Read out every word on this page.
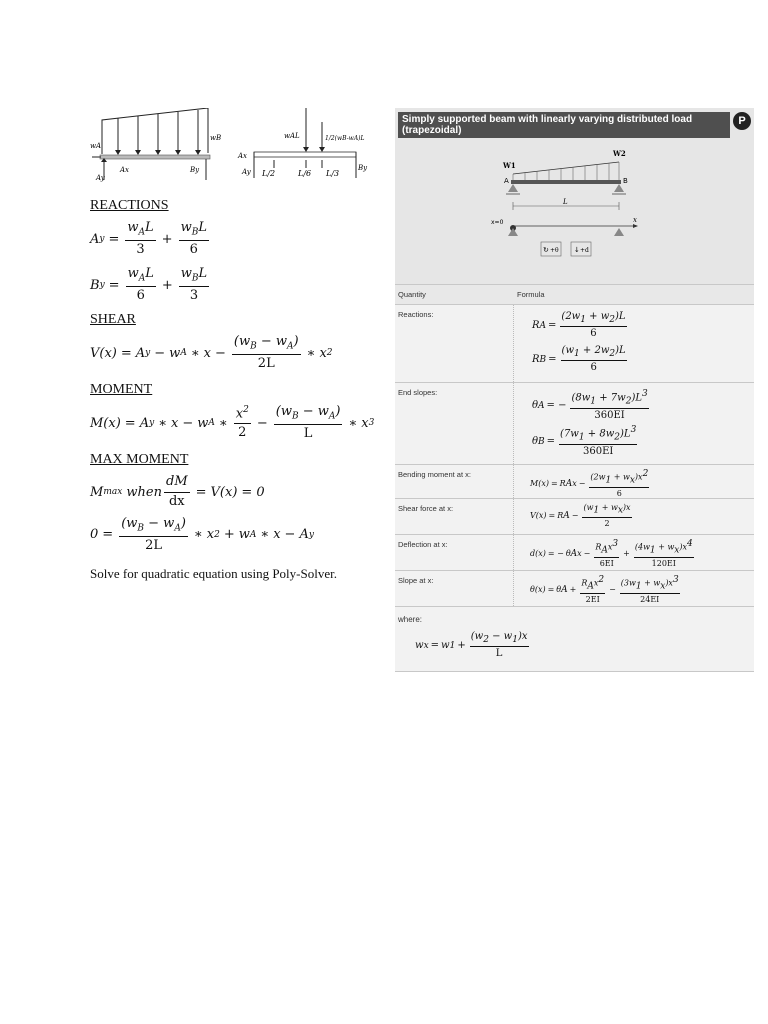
wA
wB
Ax
Ay
By
wAL	1/2(wB-wA)L
Ax
Ay	By
L/2	L/6 L/3

REACTIONS

A $y = \frac{w_AL}{3} + \frac{w_BL}{6}$
B $y = \frac{w_AL}{6} + \frac{w_BL}{3}$

SHEAR

V(x) = A y − w A ∗ $x - \frac{(w_B - w_A)}{2L}$ ∗ x 2

MOMENT

M(x) = A y ∗ x − w A ∗ $\frac{x^2}{2} - \frac{(w_B - w_A)}{L}$ ∗ x 3

MAX MOMENT

M max when $\frac{dM}{dx} = V(x) = 0$
$0 = \frac{(w_B - w_A)}{2L}$ ∗ x 2 + w A ∗ x − A y

Solve for quadratic equation using Poly-Solver.

Simply supported beam with linearly varying distributed load (trapezoidal)
P
W1
W2
A	B
L
x=0	x
↻ +θ ↓ +d
Quantity	Formula
Reactions:
R $A = \frac{(2w_1 + w_2)L}{6}$
R $B = \frac{(w_1 + 2w_2)L}{6}$
End slopes:
θ A = − $\frac{(8w_1 + 7w_2)L^3}{360EI}$
θ $B = \frac{(7w_1 + 8w_2)L^3}{360EI}$
Bending moment at x:
M(x) = R A $x - \frac{(2w_1 + w_x)x^2}{6}$
Shear force at x:
V(x) = R $A - \frac{(w_1 + w_x)x}{2}$
Deflection at x:
d(x) = − θ A $x - \frac{R_Ax^3}{6EI} + \frac{(4w_1 + w_x)x^4}{120EI}$
Slope at x:
θ(x) = θ $A + \frac{R_Ax^2}{2EI} - \frac{(3w_1 + w_x)x^3}{24EI}$
where:
w x = w $1 + \frac{(w_2 - w_1)x}{L}$
